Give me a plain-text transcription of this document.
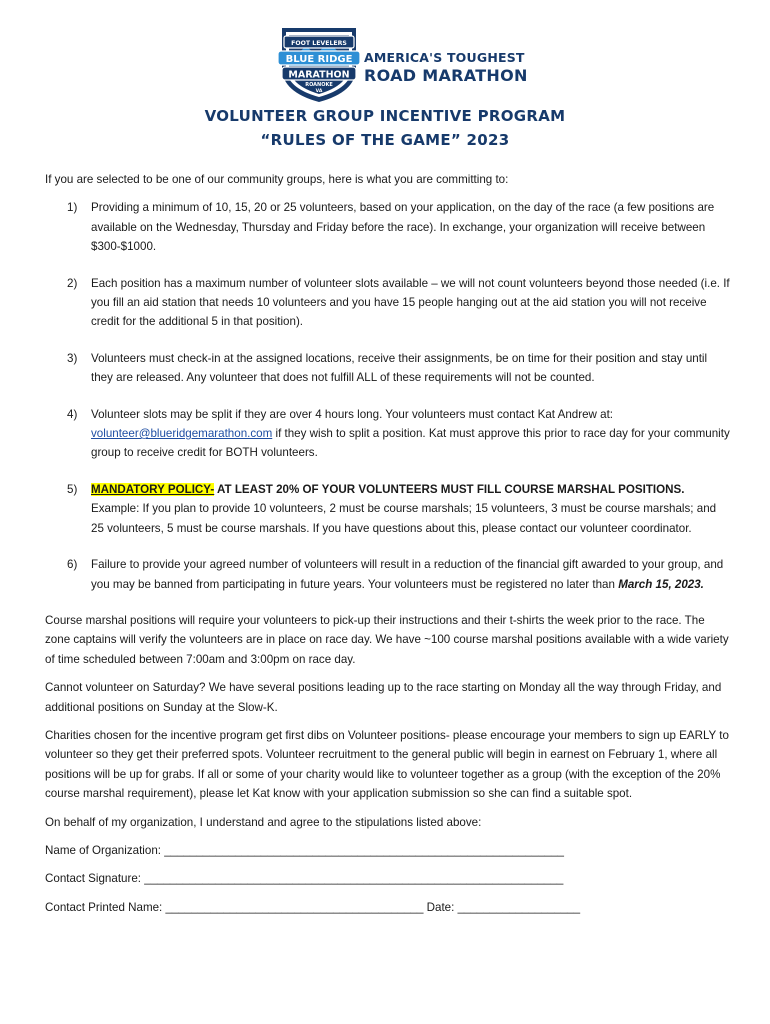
FOOT LEVELERS
BLUE RIDGE
MARATHON
ROANOKE
VA
AMERICA'S TOUGHEST
ROAD MARATHON
VOLUNTEER GROUP INCENTIVE PROGRAM
“RULES OF THE GAME” 2023

If you are selected to be one of our community groups, here is what you are committing to:

1) Providing a minimum of 10, 15, 20 or 25 volunteers, based on your application, on the day of the race (a few positions are available on the Wednesday, Thursday and Friday before the race). In exchange, your organization will receive between $300-$1000.
2) Each position has a maximum number of volunteer slots available – we will not count volunteers beyond those needed (i.e. If you fill an aid station that needs 10 volunteers and you have 15 people hanging out at the aid station you will not receive credit for the additional 5 in that position).
3) Volunteers must check-in at the assigned locations, receive their assignments, be on time for their position and stay until they are released. Any volunteer that does not fulfill ALL of these requirements will not be counted.
4) Volunteer slots may be split if they are over 4 hours long. Your volunteers must contact Kat Andrew at: volunteer@blueridgemarathon.com if they wish to split a position. Kat must approve this prior to race day for your community group to receive credit for BOTH volunteers.
5) MANDATORY POLICY- AT LEAST 20% OF YOUR VOLUNTEERS MUST FILL COURSE MARSHAL POSITIONS. Example: If you plan to provide 10 volunteers, 2 must be course marshals; 15 volunteers, 3 must be course marshals; and 25 volunteers, 5 must be course marshals. If you have questions about this, please contact our volunteer coordinator.
6) Failure to provide your agreed number of volunteers will result in a reduction of the financial gift awarded to your group, and you may be banned from participating in future years. Your volunteers must be registered no later than March 15, 2023.

Course marshal positions will require your volunteers to pick-up their instructions and their t-shirts the week prior to the race. The zone captains will verify the volunteers are in place on race day. We have ~100 course marshal positions available with a wide variety of time scheduled between 7:00am and 3:00pm on race day.

Cannot volunteer on Saturday? We have several positions leading up to the race starting on Monday all the way through Friday, and additional positions on Sunday at the Slow-K.

Charities chosen for the incentive program get first dibs on Volunteer positions- please encourage your members to sign up EARLY to volunteer so they get their preferred spots. Volunteer recruitment to the general public will begin in earnest on February 1, where all positions will be up for grabs. If all or some of your charity would like to volunteer together as a group (with the exception of the 20% course marshal requirement), please let Kat know with your application submission so she can find a suitable spot.

On behalf of my organization, I understand and agree to the stipulations listed above:

Name of Organization: ______________________________________________________________

Contact Signature: _________________________________________________________________

Contact Printed Name: ________________________________________ Date: ___________________
